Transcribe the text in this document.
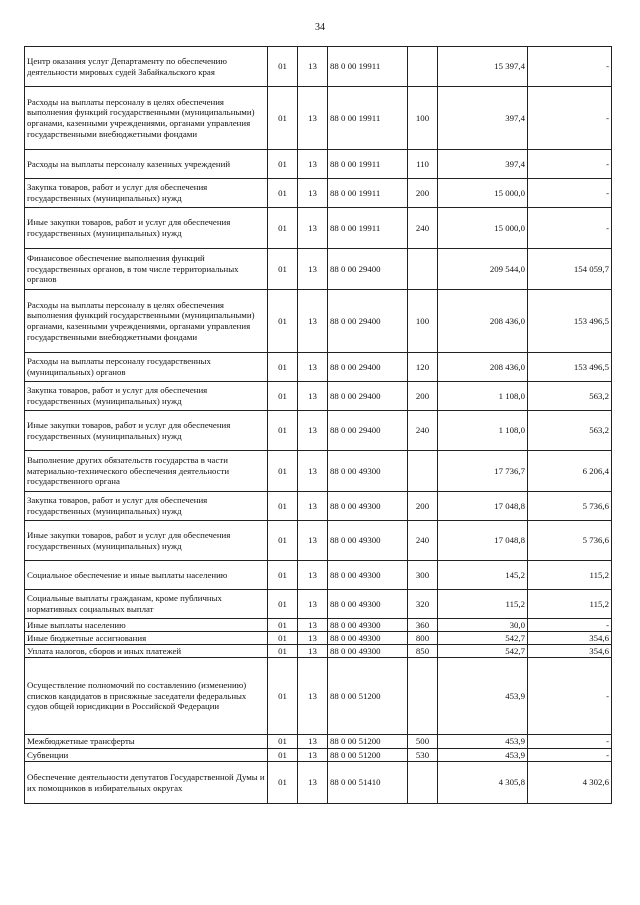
34
Центр оказания услуг Департаменту по обеспечению деятельности мировых судей Забайкальского края	01	13	88 0 00 19911		15 397,4	-
Расходы на выплаты персоналу в целях обеспечения выполнения функций государственными (муниципальными) органами, казенными учреждениями, органами управления государственными внебюджетными фондами	01	13	88 0 00 19911	100	397,4	-
Расходы на выплаты персоналу казенных учреждений	01	13	88 0 00 19911	110	397,4	-
Закупка товаров, работ и услуг для обеспечения государственных (муниципальных) нужд	01	13	88 0 00 19911	200	15 000,0	-
Иные закупки товаров, работ и услуг для обеспечения государственных (муниципальных) нужд	01	13	88 0 00 19911	240	15 000,0	-
Финансовое обеспечение выполнения функций государственных органов, в том числе территориальных органов	01	13	88 0 00 29400		209 544,0	154 059,7
Расходы на выплаты персоналу в целях обеспечения выполнения функций государственными (муниципальными) органами, казенными учреждениями, органами управления государственными внебюджетными фондами	01	13	88 0 00 29400	100	208 436,0	153 496,5
Расходы на выплаты персоналу государственных (муниципальных) органов	01	13	88 0 00 29400	120	208 436,0	153 496,5
Закупка товаров, работ и услуг для обеспечения государственных (муниципальных) нужд	01	13	88 0 00 29400	200	1 108,0	563,2
Иные закупки товаров, работ и услуг для обеспечения государственных (муниципальных) нужд	01	13	88 0 00 29400	240	1 108,0	563,2
Выполнение других обязательств государства в части материально-технического обеспечения деятельности государственного органа	01	13	88 0 00 49300		17 736,7	6 206,4
Закупка товаров, работ и услуг для обеспечения государственных (муниципальных) нужд	01	13	88 0 00 49300	200	17 048,8	5 736,6
Иные закупки товаров, работ и услуг для обеспечения государственных (муниципальных) нужд	01	13	88 0 00 49300	240	17 048,8	5 736,6
Социальное обеспечение и иные выплаты населению	01	13	88 0 00 49300	300	145,2	115,2
Социальные выплаты гражданам, кроме публичных нормативных социальных выплат	01	13	88 0 00 49300	320	115,2	115,2
Иные выплаты населению	01	13	88 0 00 49300	360	30,0	-
Иные бюджетные ассигнования	01	13	88 0 00 49300	800	542,7	354,6
Уплата налогов, сборов и иных платежей	01	13	88 0 00 49300	850	542,7	354,6
Осуществление полномочий по составлению (изменению) списков кандидатов в присяжные заседатели федеральных судов общей юрисдикции в Российской Федерации	01	13	88 0 00 51200		453,9	-
Межбюджетные трансферты	01	13	88 0 00 51200	500	453,9	-
Субвенции	01	13	88 0 00 51200	530	453,9	-
Обеспечение деятельности депутатов Государственной Думы и их помощников в избирательных округах	01	13	88 0 00 51410		4 305,8	4 302,6
